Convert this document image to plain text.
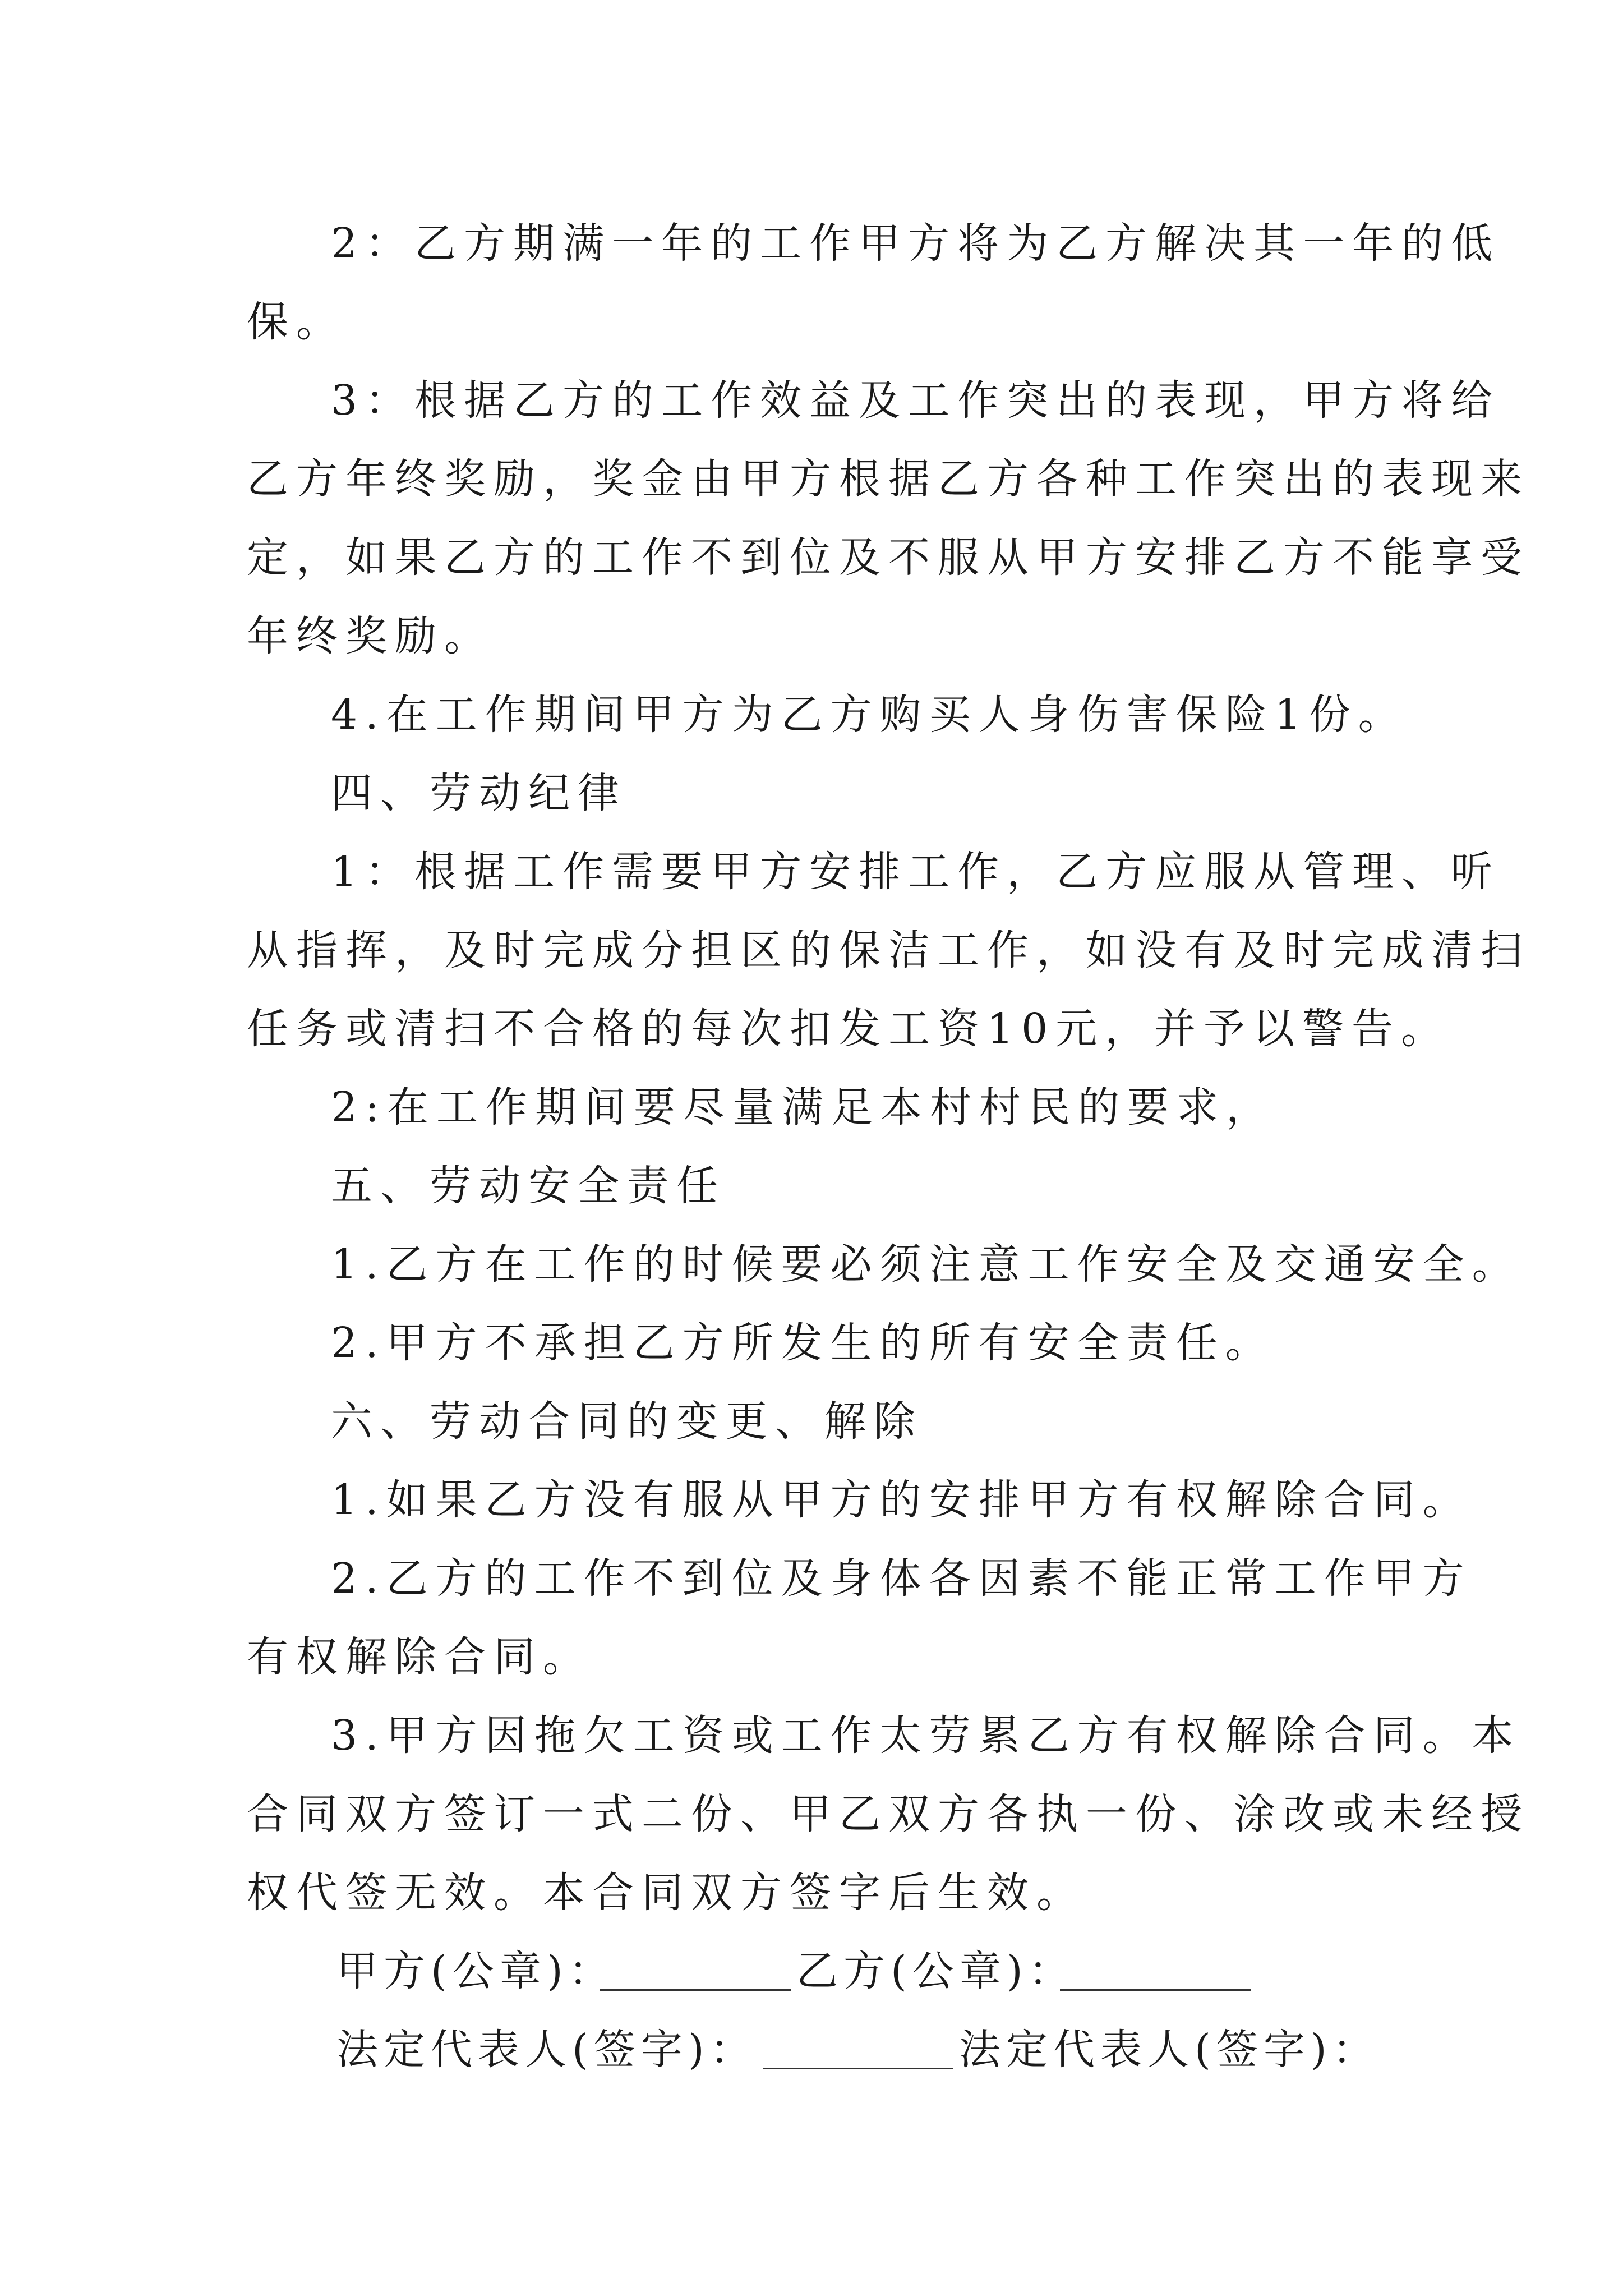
2：乙方期满一年的工作甲方将为乙方解决其一年的低
保。
3：根据乙方的工作效益及工作突出的表现，甲方将给
乙方年终奖励，奖金由甲方根据乙方各种工作突出的表现来
定，如果乙方的工作不到位及不服从甲方安排乙方不能享受
年终奖励。
4.在工作期间甲方为乙方购买人身伤害保险1份。
四、劳动纪律
1：根据工作需要甲方安排工作，乙方应服从管理、听
从指挥，及时完成分担区的保洁工作，如没有及时完成清扫
任务或清扫不合格的每次扣发工资10元，并予以警告。
2:在工作期间要尽量满足本村村民的要求，
五、劳动安全责任
1.乙方在工作的时候要必须注意工作安全及交通安全。
2.甲方不承担乙方所发生的所有安全责任。
六、劳动合同的变更、解除
1.如果乙方没有服从甲方的安排甲方有权解除合同。
2.乙方的工作不到位及身体各因素不能正常工作甲方
有权解除合同。
3.甲方因拖欠工资或工作太劳累乙方有权解除合同。本
合同双方签订一式二份、甲乙双方各执一份、涂改或未经授
权代签无效。本合同双方签字后生效。
甲方(公章)：	乙方(公章)：
法定代表人(签字)：	法定代表人(签字)：
